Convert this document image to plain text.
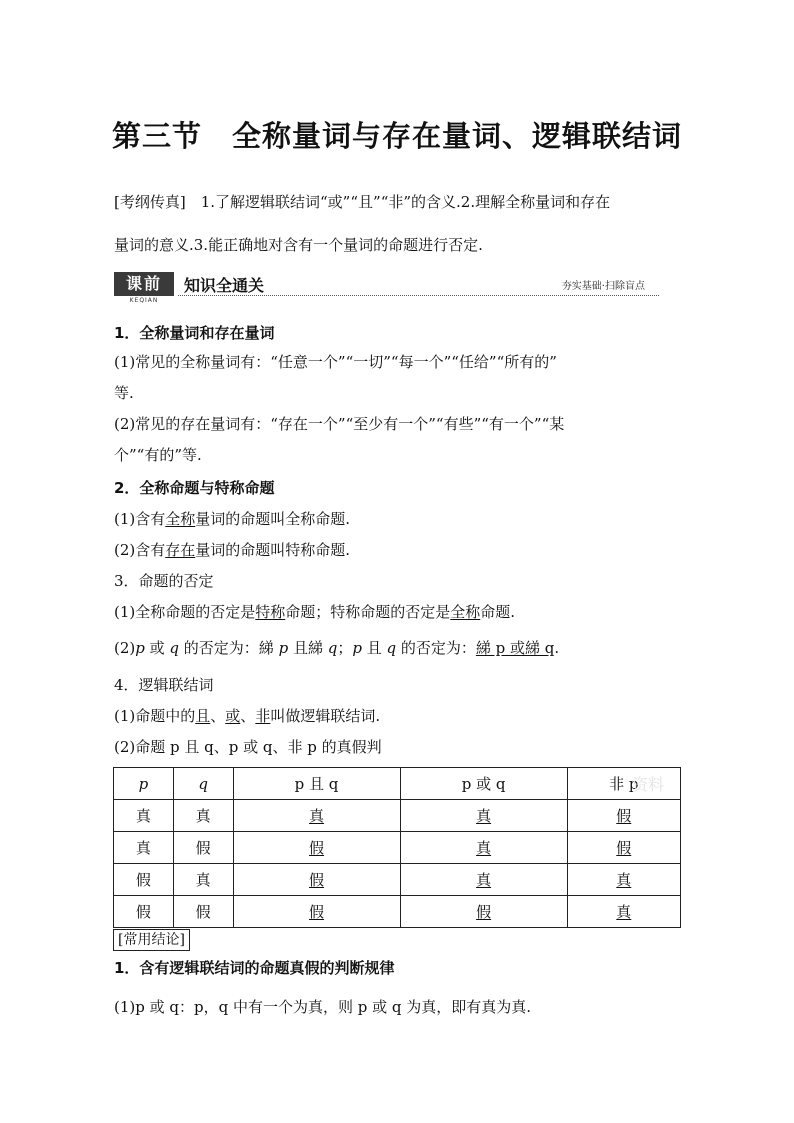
第三节　全称量词与存在量词、逻辑联结词
[考纲传真]　1.了解逻辑联结词“或”“且”“非”的含义.2.理解全称量词和存在
量词的意义.3.能正确地对含有一个量词的命题进行否定.
课前
KEQIAN
知识全通关	夯实基础·扫除盲点
1．全称量词和存在量词
(1)常见的全称量词有：“任意一个”“一切”“每一个”“任给”“所有的”
等.
(2)常见的存在量词有：“存在一个”“至少有一个”“有些”“有一个”“某
个”“有的”等.
2．全称命题与特称命题
(1)含有全称量词的命题叫全称命题.
(2)含有存在量词的命题叫特称命题.
3．命题的否定
(1)全称命题的否定是特称命题；特称命题的否定是全称命题.
(2)p 或 q 的否定为：綈 p 且綈 q；p 且 q 的否定为：綈 p 或綈 q.
4．逻辑联结词
(1)命题中的且、或、非叫做逻辑联结词.
(2)命题 p 且 q、p 或 q、非 p 的真假判
p	q	p 且 q	p 或 q	非 p
真	真	真	真	假
真	假	假	真	假
假	真	假	真	真
假	假	假	假	真
资料
[常用结论]
1．含有逻辑联结词的命题真假的判断规律
(1)p 或 q：p，q 中有一个为真，则 p 或 q 为真，即有真为真.
